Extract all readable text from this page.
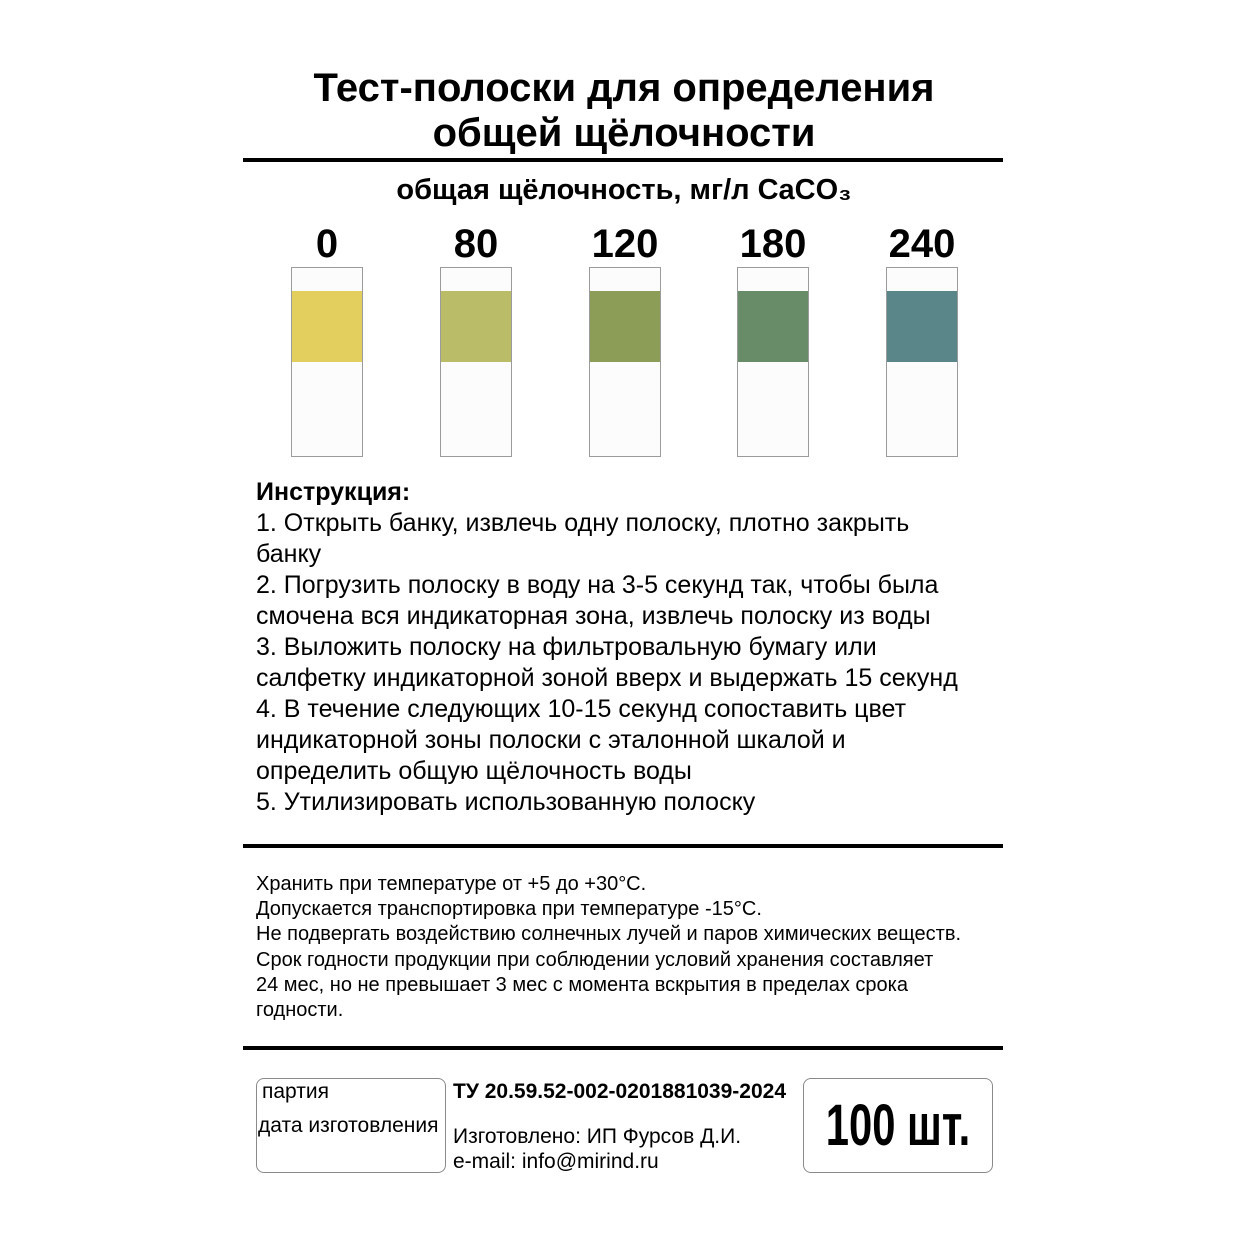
Тест-полоски для определения
общей щёлочности
общая щёлочность, мг/л CaCO₃
0	80	120	180	240
Инструкция:
1. Открыть банку, извлечь одну полоску, плотно закрыть
банку
2. Погрузить полоску в воду на 3-5 секунд так, чтобы была
смочена вся индикаторная зона, извлечь полоску из воды
3. Выложить полоску на фильтровальную бумагу или
салфетку индикаторной зоной вверх и выдержать 15 секунд
4. В течение следующих 10-15 секунд сопоставить цвет
индикаторной зоны полоски с эталонной шкалой и
определить общую щёлочность воды
5. Утилизировать использованную полоску
Хранить при температуре от +5 до +30°C.
Допускается транспортировка при температуре -15°C.
Не подвергать воздействию солнечных лучей и паров химических веществ.
Срок годности продукции при соблюдении условий хранения составляет
24 мес, но не превышает 3 мес с момента вскрытия в пределах срока
годности.
партия
дата изготовления
ТУ 20.59.52-002-0201881039-2024
Изготовлено: ИП Фурсов Д.И.
e-mail: info@mirind.ru
100 шт.
